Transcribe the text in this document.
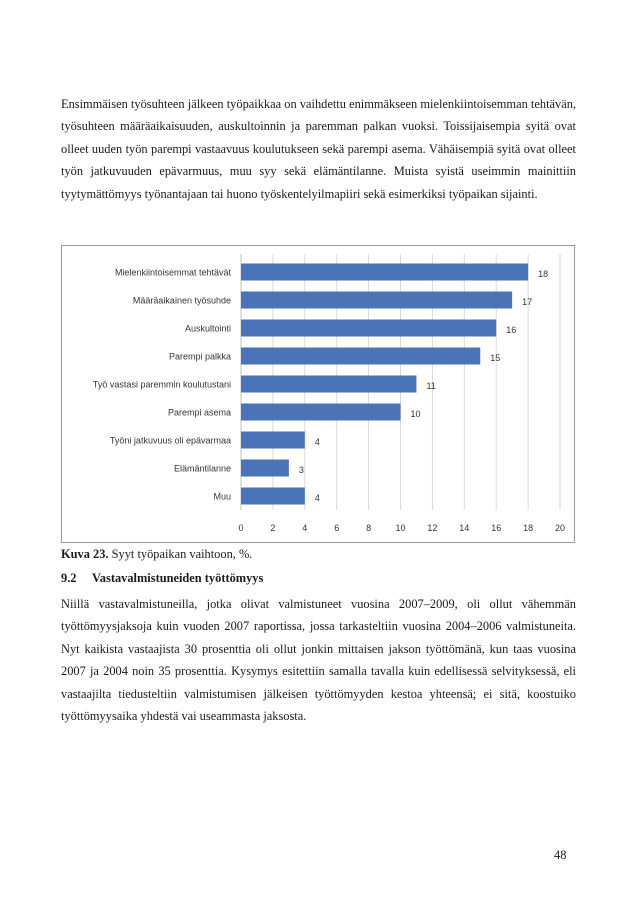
Ensimmäisen työsuhteen jälkeen työpaikkaa on vaihdettu enimmäkseen mielenkiintoisemman tehtävän, työsuhteen määräaikaisuuden, auskultoinnin ja paremman palkan vuoksi. Toissijaisempia syitä ovat olleet uuden työn parempi vastaavuus koulutukseen sekä parempi asema. Vähäisempiä syitä ovat olleet työn jatkuvuuden epävarmuus, muu syy sekä elämäntilanne. Muista syistä useimmin mainittiin tyytymättömyys työnantajaan tai huono työskentelyilmapiiri sekä esimerkiksi työpaikan sijainti.

0	2	4	6	8	10 12 14 16 18 20
Mielenkiintoisemmat tehtävät	18
Määräaikainen työsuhde	17
Auskultointi	16
Parempi palkka	15
Työ vastasi paremmin koulutustani	11
Parempi asema	10
Työni jatkuvuus oli epävarmaa	4
Elämäntilanne	3
Muu	4

Kuva 23. Syyt työpaikan vaihtoon, %.

9.2 Vastavalmistuneiden työttömyys

Niillä vastavalmistuneilla, jotka olivat valmistuneet vuosina 2007–2009, oli ollut vähemmän työttömyysjaksoja kuin vuoden 2007 raportissa, jossa tarkasteltiin vuosina 2004–2006 valmistuneita. Nyt kaikista vastaajista 30 prosenttia oli ollut jonkin mittaisen jakson työttömänä, kun taas vuosina 2007 ja 2004 noin 35 prosenttia. Kysymys esitettiin samalla tavalla kuin edellisessä selvityksessä, eli vastaajilta tiedusteltiin valmistumisen jälkeisen työttömyyden kestoa yhteensä; ei sitä, koostuiko työttömyysaika yhdestä vai useammasta jaksosta.

48
